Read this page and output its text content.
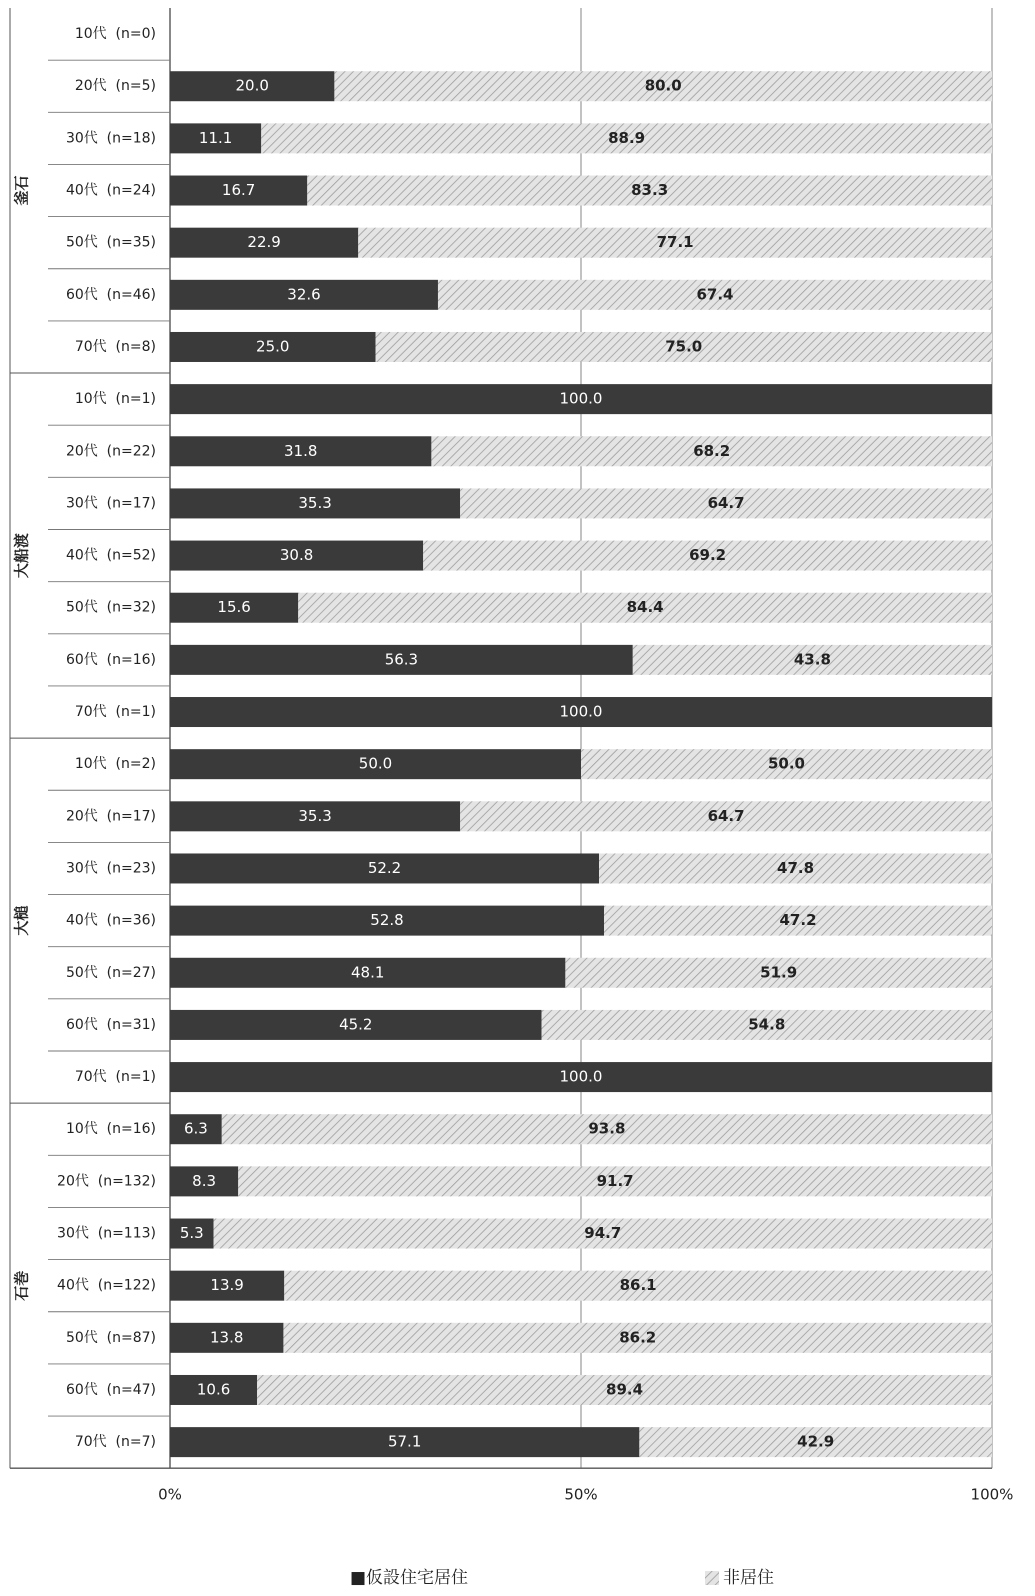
釜石
10代  (n=0)
20代  (n=5)	20.0	80.0
30代  (n=18)	11.1	88.9
40代  (n=24)	16.7	83.3
50代  (n=35)	22.9	77.1
60代  (n=46)	32.6	67.4
70代  (n=8)	25.0	75.0
大船渡
10代  (n=1)	100.0
20代  (n=22)	31.8	68.2
30代  (n=17)	35.3	64.7
40代  (n=52)	30.8	69.2
50代  (n=32)	15.6	84.4
60代  (n=16)	56.3	43.8
70代  (n=1)	100.0
大槌
10代  (n=2)	50.0	50.0
20代  (n=17)	35.3	64.7
30代  (n=23)	52.2	47.8
40代  (n=36)	52.8	47.2
50代  (n=27)	48.1	51.9
60代  (n=31)	45.2	54.8
70代  (n=1)	100.0
石巻
10代  (n=16) 6.3	93.8
20代  (n=132) 8.3	91.7
30代  (n=113) 5.3	94.7
40代  (n=122)	13.9	86.1
50代  (n=87)	13.8	86.2
60代  (n=47)	10.6	89.4
70代  (n=7)	57.1	42.9
0%	50%	100%
■仮設住宅居住	非居住
